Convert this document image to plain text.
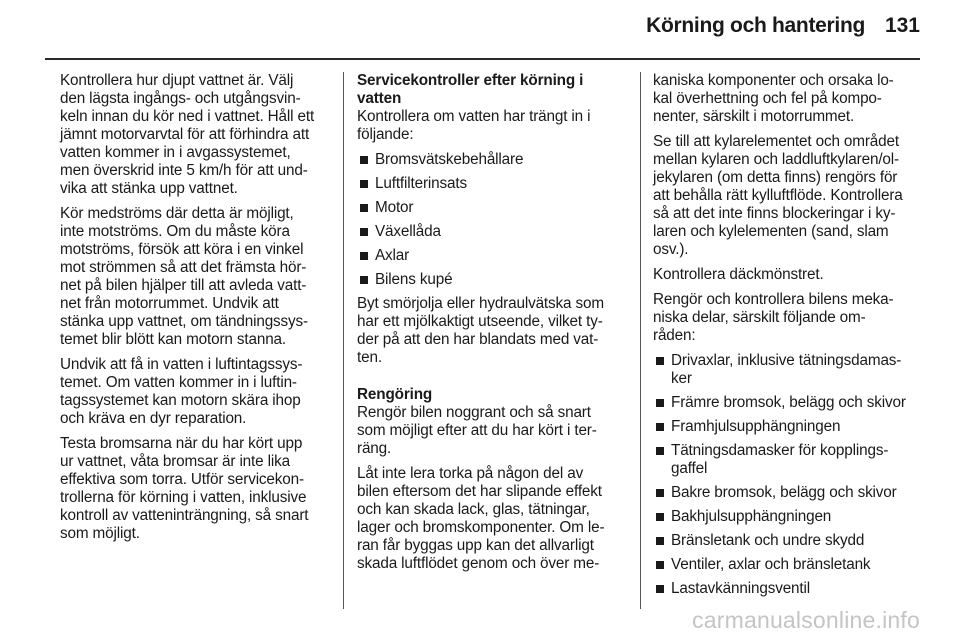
Körning och hantering 131

Kontrollera hur djupt vattnet är. Välj
den lägsta ingångs- och utgångsvin-
keln innan du kör ned i vattnet. Håll ett
jämnt motorvarvtal för att förhindra att
vatten kommer in i avgassystemet,
men överskrid inte 5 km/h för att und-
vika att stänka upp vattnet.

Kör medströms där detta är möjligt,
inte motströms. Om du måste köra
motströms, försök att köra i en vinkel
mot strömmen så att det främsta hör-
net på bilen hjälper till att avleda vatt-
net från motorrummet. Undvik att
stänka upp vattnet, om tändningssys-
temet blir blött kan motorn stanna.

Undvik att få in vatten i luftintagssys-
temet. Om vatten kommer in i luftin-
tagssystemet kan motorn skära ihop
och kräva en dyr reparation.

Testa bromsarna när du har kört upp
ur vattnet, våta bromsar är inte lika
effektiva som torra. Utför servicekon-
trollerna för körning i vatten, inklusive
kontroll av vatteninträngning, så snart
som möjligt.

Servicekontroller efter körning i
vatten

Kontrollera om vatten har trängt in i
följande:

Bromsvätskebehållare
Luftfilterinsats
Motor
Växellåda
Axlar
Bilens kupé

Byt smörjolja eller hydraulvätska som
har ett mjölkaktigt utseende, vilket ty-
der på att den har blandats med vat-
ten.

Rengöring

Rengör bilen noggrant och så snart
som möjligt efter att du har kört i ter-
räng.

Låt inte lera torka på någon del av
bilen eftersom det har slipande effekt
och kan skada lack, glas, tätningar,
lager och bromskomponenter. Om le-
ran får byggas upp kan det allvarligt
skada luftflödet genom och över me-

kaniska komponenter och orsaka lo-
kal överhettning och fel på kompo-
nenter, särskilt i motorrummet.

Se till att kylarelementet och området
mellan kylaren och laddluftkylaren/ol-
jekylaren (om detta finns) rengörs för
att behålla rätt kylluftflöde. Kontrollera
så att det inte finns blockeringar i ky-
laren och kylelementen (sand, slam
osv.).

Kontrollera däckmönstret.

Rengör och kontrollera bilens meka-
niska delar, särskilt följande om-
råden:

Drivaxlar, inklusive tätningsdamas-
ker
Främre bromsok, belägg och skivor
Framhjulsupphängningen
Tätningsdamasker för kopplings-
gaffel
Bakre bromsok, belägg och skivor
Bakhjulsupphängningen
Bränsletank och undre skydd
Ventiler, axlar och bränsletank
Lastavkänningsventil
carmanualsonline.info
